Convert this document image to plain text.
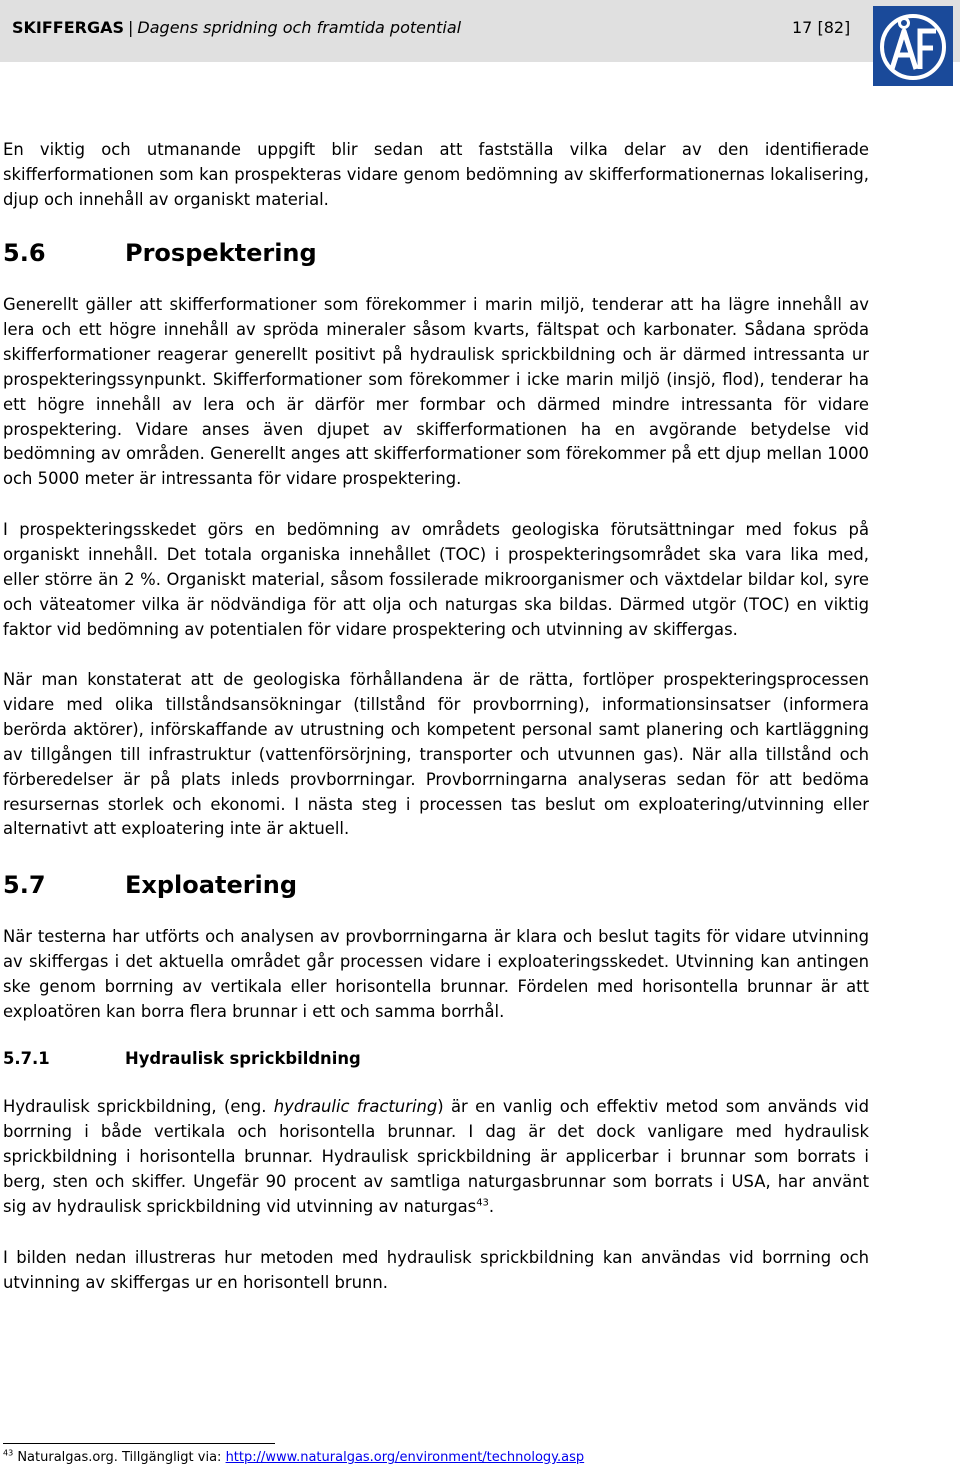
SKIFFERGAS | Dagens spridning och framtida potential	17 [82]

En viktig och utmanande uppgift blir sedan att fastställa vilka delar av den identifierade skifferformationen som kan prospekteras vidare genom bedömning av skifferformationernas lokalisering, djup och innehåll av organiskt material.

5.6	Prospektering

Generellt gäller att skifferformationer som förekommer i marin miljö, tenderar att ha lägre innehåll av lera och ett högre innehåll av spröda mineraler såsom kvarts, fältspat och karbonater. Sådana spröda skifferformationer reagerar generellt positivt på hydraulisk sprickbildning och är därmed intressanta ur prospekteringssynpunkt. Skifferformationer som förekommer i icke marin miljö (insjö, flod), tenderar ha ett högre innehåll av lera och är därför mer formbar och därmed mindre intressanta för vidare prospektering. Vidare anses även djupet av skifferformationen ha en avgörande betydelse vid bedömning av områden. Generellt anges att skifferformationer som förekommer på ett djup mellan 1000 och 5000 meter är intressanta för vidare prospektering.

I prospekteringsskedet görs en bedömning av områdets geologiska förutsättningar med fokus på organiskt innehåll. Det totala organiska innehållet (TOC) i prospekteringsområdet ska vara lika med, eller större än 2 %. Organiskt material, såsom fossilerade mikroorganismer och växtdelar bildar kol, syre och väteatomer vilka är nödvändiga för att olja och naturgas ska bildas. Därmed utgör (TOC) en viktig faktor vid bedömning av potentialen för vidare prospektering och utvinning av skiffergas.

När man konstaterat att de geologiska förhållandena är de rätta, fortlöper prospekteringsprocessen vidare med olika tillståndsansökningar (tillstånd för provborrning), informationsinsatser (informera berörda aktörer), införskaffande av utrustning och kompetent personal samt planering och kartläggning av tillgången till infrastruktur (vattenförsörjning, transporter och utvunnen gas). När alla tillstånd och förberedelser är på plats inleds provborrningar. Provborrningarna analyseras sedan för att bedöma resursernas storlek och ekonomi. I nästa steg i processen tas beslut om exploatering/utvinning eller alternativt att exploatering inte är aktuell.

5.7	Exploatering

När testerna har utförts och analysen av provborrningarna är klara och beslut tagits för vidare utvinning av skiffergas i det aktuella området går processen vidare i exploateringsskedet. Utvinning kan antingen ske genom borrning av vertikala eller horisontella brunnar. Fördelen med horisontella brunnar är att exploatören kan borra flera brunnar i ett och samma borrhål.

5.7.1	Hydraulisk sprickbildning

Hydraulisk sprickbildning, (eng. hydraulic fracturing) är en vanlig och effektiv metod som används vid borrning i både vertikala och horisontella brunnar. I dag är det dock vanligare med hydraulisk sprickbildning i horisontella brunnar. Hydraulisk sprickbildning är applicerbar i brunnar som borrats i berg, sten och skiffer. Ungefär 90 procent av samtliga naturgasbrunnar som borrats i USA, har använt sig av hydraulisk sprickbildning vid utvinning av naturgas$^{43}$.

I bilden nedan illustreras hur metoden med hydraulisk sprickbildning kan användas vid borrning och utvinning av skiffergas ur en horisontell brunn.

$^{43}$ Naturalgas.org. Tillgängligt via: http://www.naturalgas.org/environment/technology.asp
